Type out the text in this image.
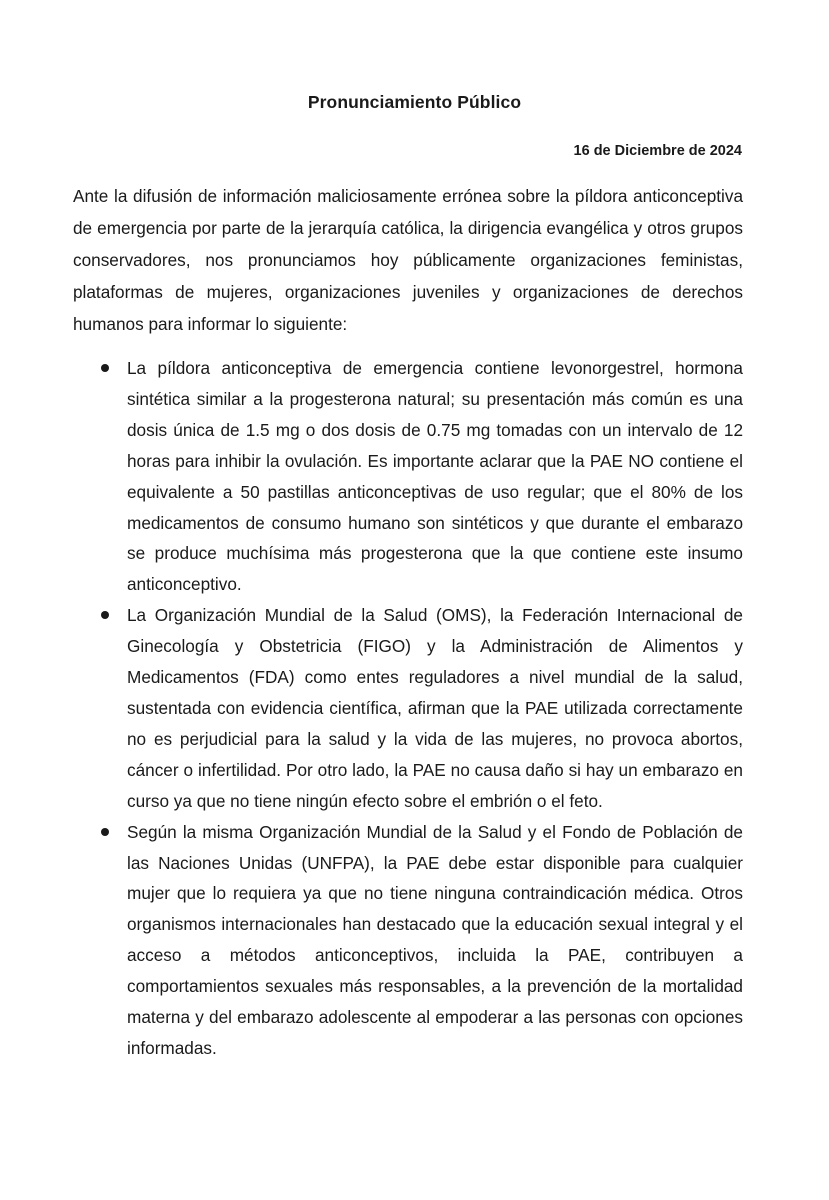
Pronunciamiento Público
16 de Diciembre de 2024

Ante la difusión de información maliciosamente errónea sobre la píldora anticonceptiva de emergencia por parte de la jerarquía católica, la dirigencia evangélica y otros grupos conservadores, nos pronunciamos hoy públicamente organizaciones feministas, plataformas de mujeres, organizaciones juveniles y organizaciones de derechos humanos para informar lo siguiente:

La píldora anticonceptiva de emergencia contiene levonorgestrel, hormona sintética similar a la progesterona natural; su presentación más común es una dosis única de 1.5 mg o dos dosis de 0.75 mg tomadas con un intervalo de 12 horas para inhibir la ovulación. Es importante aclarar que la PAE NO contiene el equivalente a 50 pastillas anticonceptivas de uso regular; que el 80% de los medicamentos de consumo humano son sintéticos y que durante el embarazo se produce muchísima más progesterona que la que contiene este insumo anticonceptivo.
La Organización Mundial de la Salud (OMS), la Federación Internacional de Ginecología y Obstetricia (FIGO) y la Administración de Alimentos y Medicamentos (FDA) como entes reguladores a nivel mundial de la salud, sustentada con evidencia científica, afirman que la PAE utilizada correctamente no es perjudicial para la salud y la vida de las mujeres, no provoca abortos, cáncer o infertilidad. Por otro lado, la PAE no causa daño si hay un embarazo en curso ya que no tiene ningún efecto sobre el embrión o el feto.
Según la misma Organización Mundial de la Salud y el Fondo de Población de las Naciones Unidas (UNFPA), la PAE debe estar disponible para cualquier mujer que lo requiera ya que no tiene ninguna contraindicación médica. Otros organismos internacionales han destacado que la educación sexual integral y el acceso a métodos anticonceptivos, incluida la PAE, contribuyen a comportamientos sexuales más responsables, a la prevención de la mortalidad materna y del embarazo adolescente al empoderar a las personas con opciones informadas.
